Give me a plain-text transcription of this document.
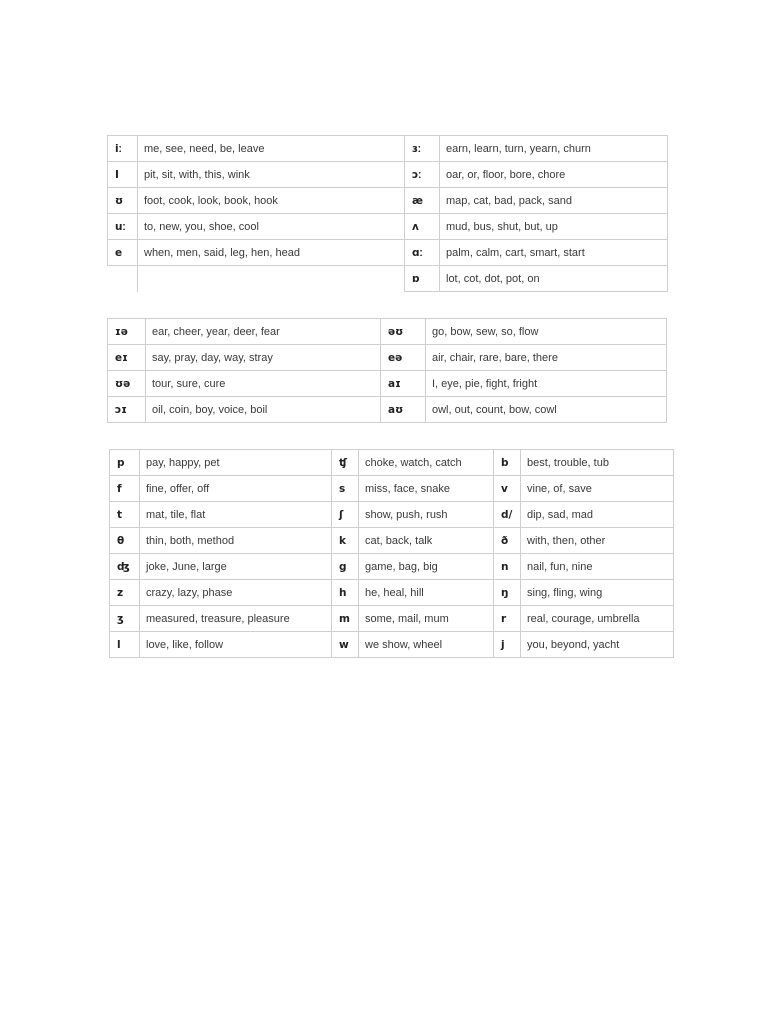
iː	me, see, need, be, leave	ɜː	earn, learn, turn, yearn, churn
I	pit, sit, with, this, wink	ɔː	oar, or, floor, bore, chore
ʊ	foot, cook, look, book, hook	æ	map, cat, bad, pack, sand
uː	to, new, you, shoe, cool	ʌ	mud, bus, shut, but, up
e	when, men, said, leg, hen, head	ɑː	palm, calm, cart, smart, start
		ɒ	lot, cot, dot, pot, on
ɪə	ear, cheer, year, deer, fear	əʊ	go, bow, sew, so, flow
eɪ	say, pray, day, way, stray	eə	air, chair, rare, bare, there
ʊə	tour, sure, cure	aɪ	I, eye, pie, fight, fright
ɔɪ	oil, coin, boy, voice, boil	aʊ	owl, out, count, bow, cowl
p	pay, happy, pet	ʧ	choke, watch, catch	b	best, trouble, tub
f	fine, offer, off	s	miss, face, snake	v	vine, of, save
t	mat, tile, flat	ʃ	show, push, rush	d/	dip, sad, mad
θ	thin, both, method	k	cat, back, talk	ð	with, then, other
ʤ	joke, June, large	g	game, bag, big	n	nail, fun, nine
z	crazy, lazy, phase	h	he, heal, hill	ŋ	sing, fling, wing
ʒ	measured, treasure, pleasure	m	some, mail, mum	r	real, courage, umbrella
l	love, like, follow	w	we show, wheel	j	you, beyond, yacht
